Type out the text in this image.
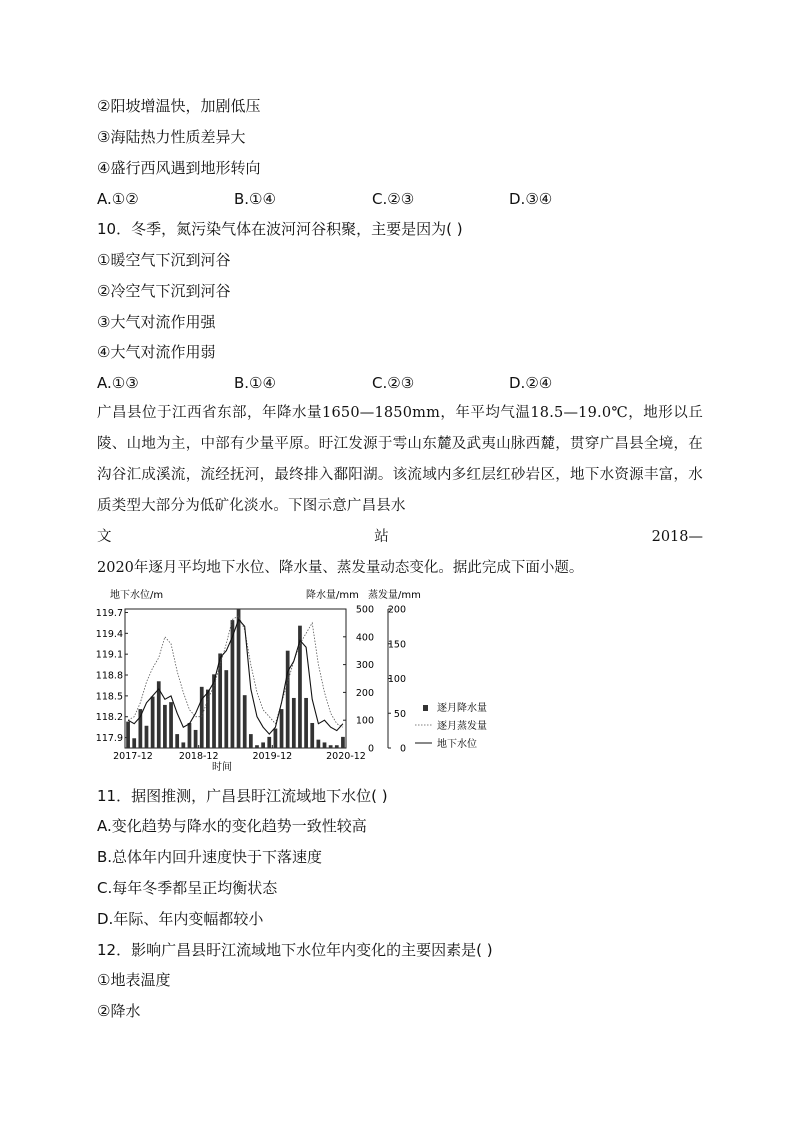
②阳坡增温快，加剧低压
③海陆热力性质差异大
④盛行西风遇到地形转向
A.①②	B.①④	C.②③	D.③④
10．冬季，氮污染气体在波河河谷积聚，主要是因为( )
①暖空气下沉到河谷
②冷空气下沉到河谷
③大气对流作用强
④大气对流作用弱
A.①③	B.①④	C.②③	D.②④
广昌县位于江西省东部，年降水量1650—1850mm，年平均气温18.5—19.0℃，地形以丘陵、山地为主，中部有少量平原。盱江发源于雩山东麓及武夷山脉西麓，贯穿广昌县全境，在沟谷汇成溪流，流经抚河，最终排入鄱阳湖。该流域内多红层红砂岩区，地下水资源丰富，水质类型大部分为低矿化淡水。下图示意广昌县水
文	站	2018—
2020年逐月平均地下水位、降水量、蒸发量动态变化。据此完成下面小题。
地下水位/m	降水量/mm 蒸发量/mm
117.9
118.2
118.5
118.8
119.1
119.4
119.7
0
100
200
300
400
500
0
50
100
150
200
2017-12	2018-12	2019-12	2020-12
时间
逐月降水量
逐月蒸发量
地下水位
11．据图推测，广昌县盱江流域地下水位( )
A.变化趋势与降水的变化趋势一致性较高
B.总体年内回升速度快于下落速度
C.每年冬季都呈正均衡状态
D.年际、年内变幅都较小
12．影响广昌县盱江流域地下水位年内变化的主要因素是( )
①地表温度
②降水
